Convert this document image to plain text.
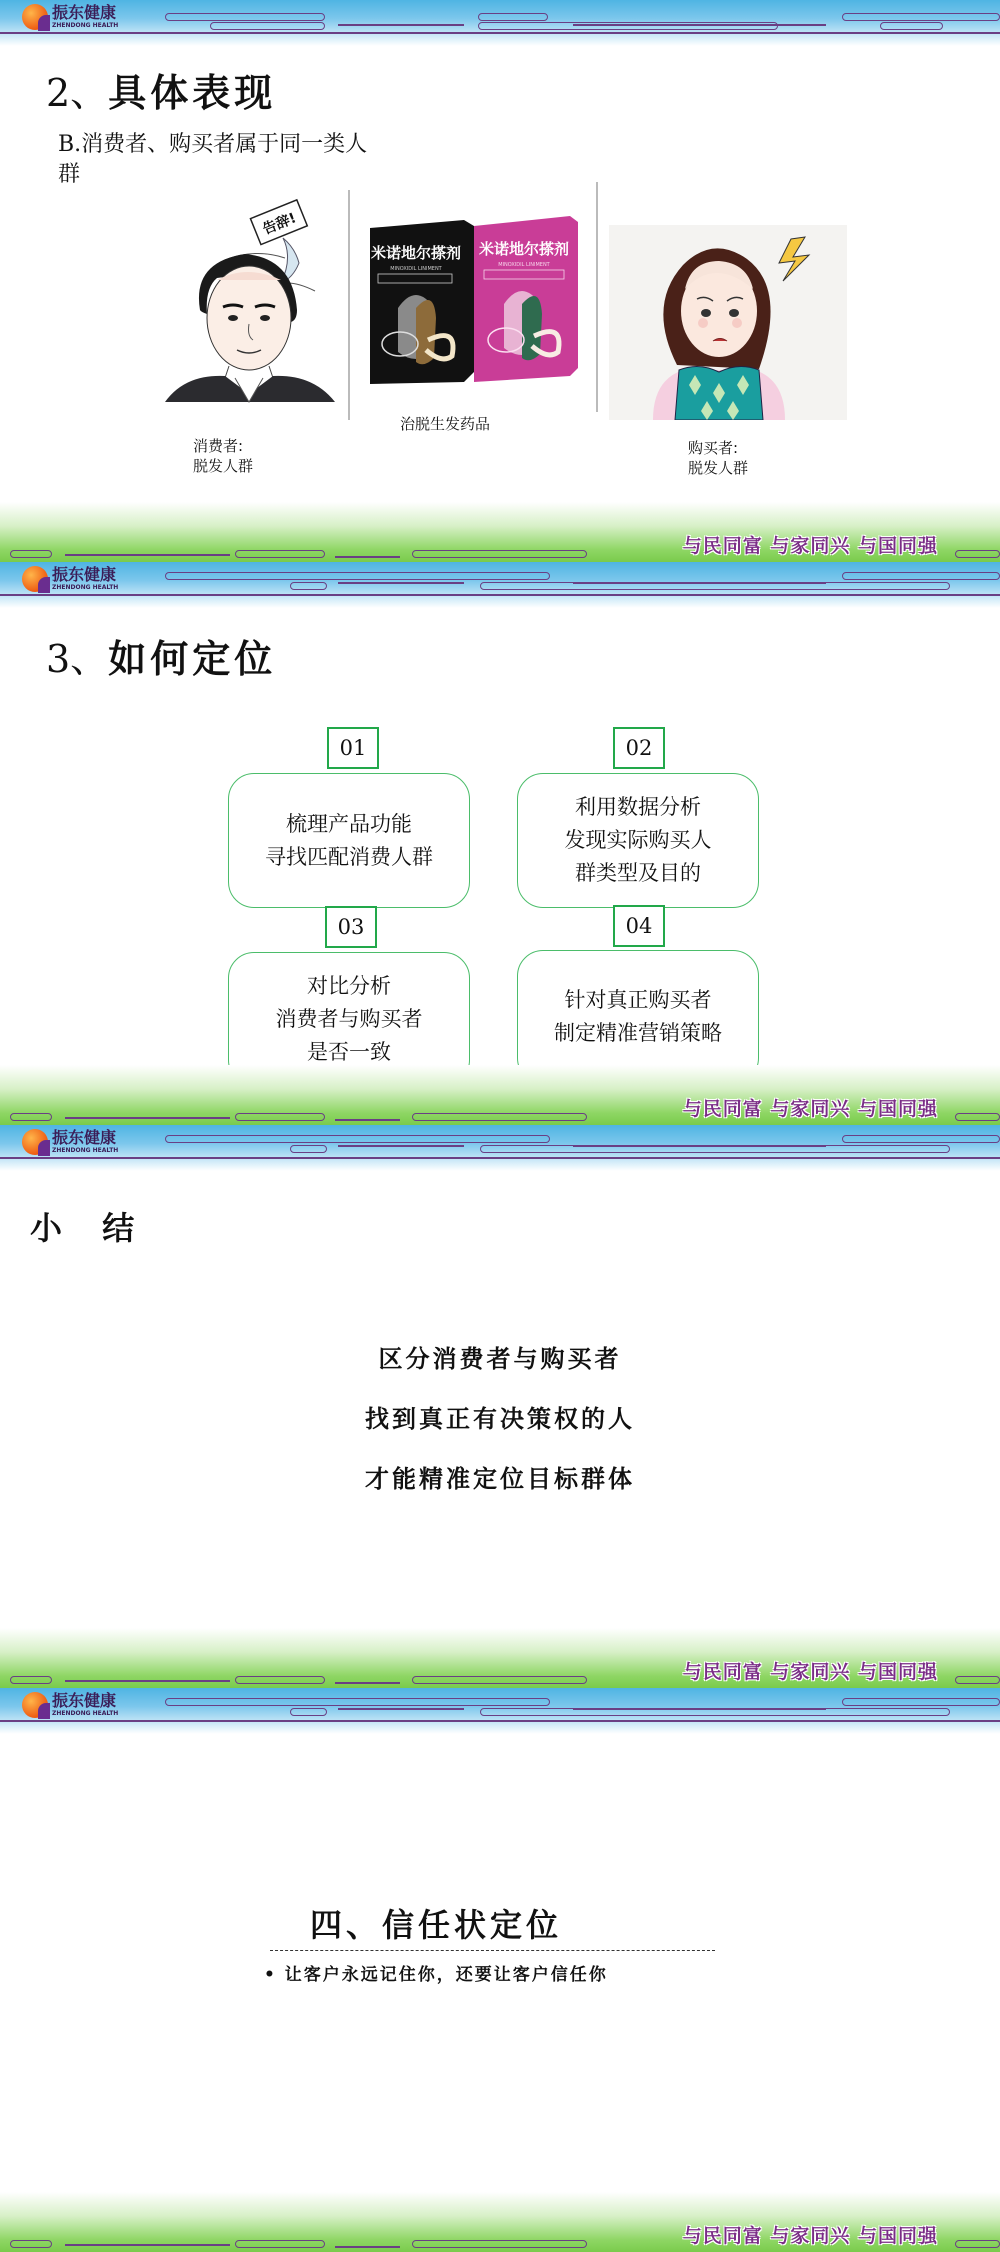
振东健康
ZHENDONG HEALTH
2、具体表现
B.消费者、购买者属于同一类人
群
告辞!
消费者:
脱发人群
米诺地尔搽剂
MINOXIDIL LINIMENT
米诺地尔搽剂
MINOXIDIL LINIMENT
治脱生发药品
购买者:
脱发人群
与民同富 与家同兴 与国同强
振东健康
ZHENDONG HEALTH
3、如何定位
01
梳理产品功能
寻找匹配消费人群
02
利用数据分析
发现实际购买人
群类型及目的
03
对比分析
消费者与购买者
是否一致
04
针对真正购买者
制定精准营销策略
与民同富 与家同兴 与国同强
振东健康
ZHENDONG HEALTH
小  结
区分消费者与购买者
找到真正有决策权的人
才能精准定位目标群体
与民同富 与家同兴 与国同强
振东健康
ZHENDONG HEALTH
四、信任状定位
• 让客户永远记住你，还要让客户信任你
与民同富 与家同兴 与国同强
